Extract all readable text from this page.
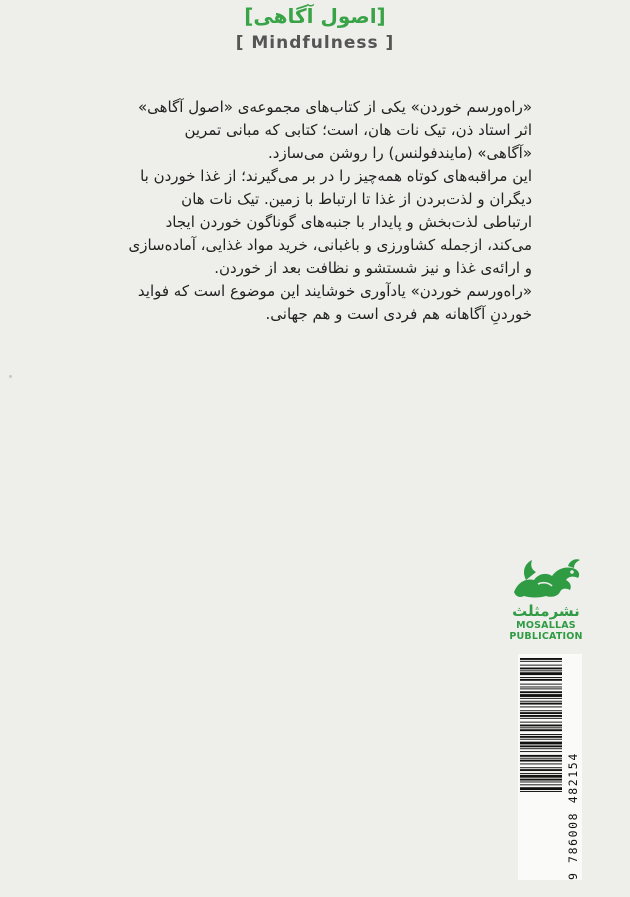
[اصول آگاهی]
[ Mindfulness ]
«راه‌ورسم خوردن» یکی از کتاب‌های مجموعه‌ی «اصول آگاهی»
اثر استاد ذن، تیک نات هان، است؛ کتابی که مبانی تمرین
«آگاهی» (مایندفولنس) را روشن می‌سازد.
این مراقبه‌های کوتاه همه‌چیز را در بر می‌گیرند؛ از غذا خوردن با
دیگران و لذت‌بردن از غذا تا ارتباط با زمین. تیک نات هان
ارتباطی لذت‌بخش و پایدار با جنبه‌های گوناگون خوردن ایجاد
می‌کند، ازجمله کشاورزی و باغبانی، خرید مواد غذایی، آماده‌سازی
و ارائه‌ی غذا و نیز شستشو و نظافت بعد از خوردن.
«راه‌ورسم خوردن» یادآوری خوشایند این موضوع است که فواید
خوردنِ آگاهانه هم فردی است و هم جهانی.
نشرمثلث
MOSALLAS
PUBLICATION
9 786008 482154
